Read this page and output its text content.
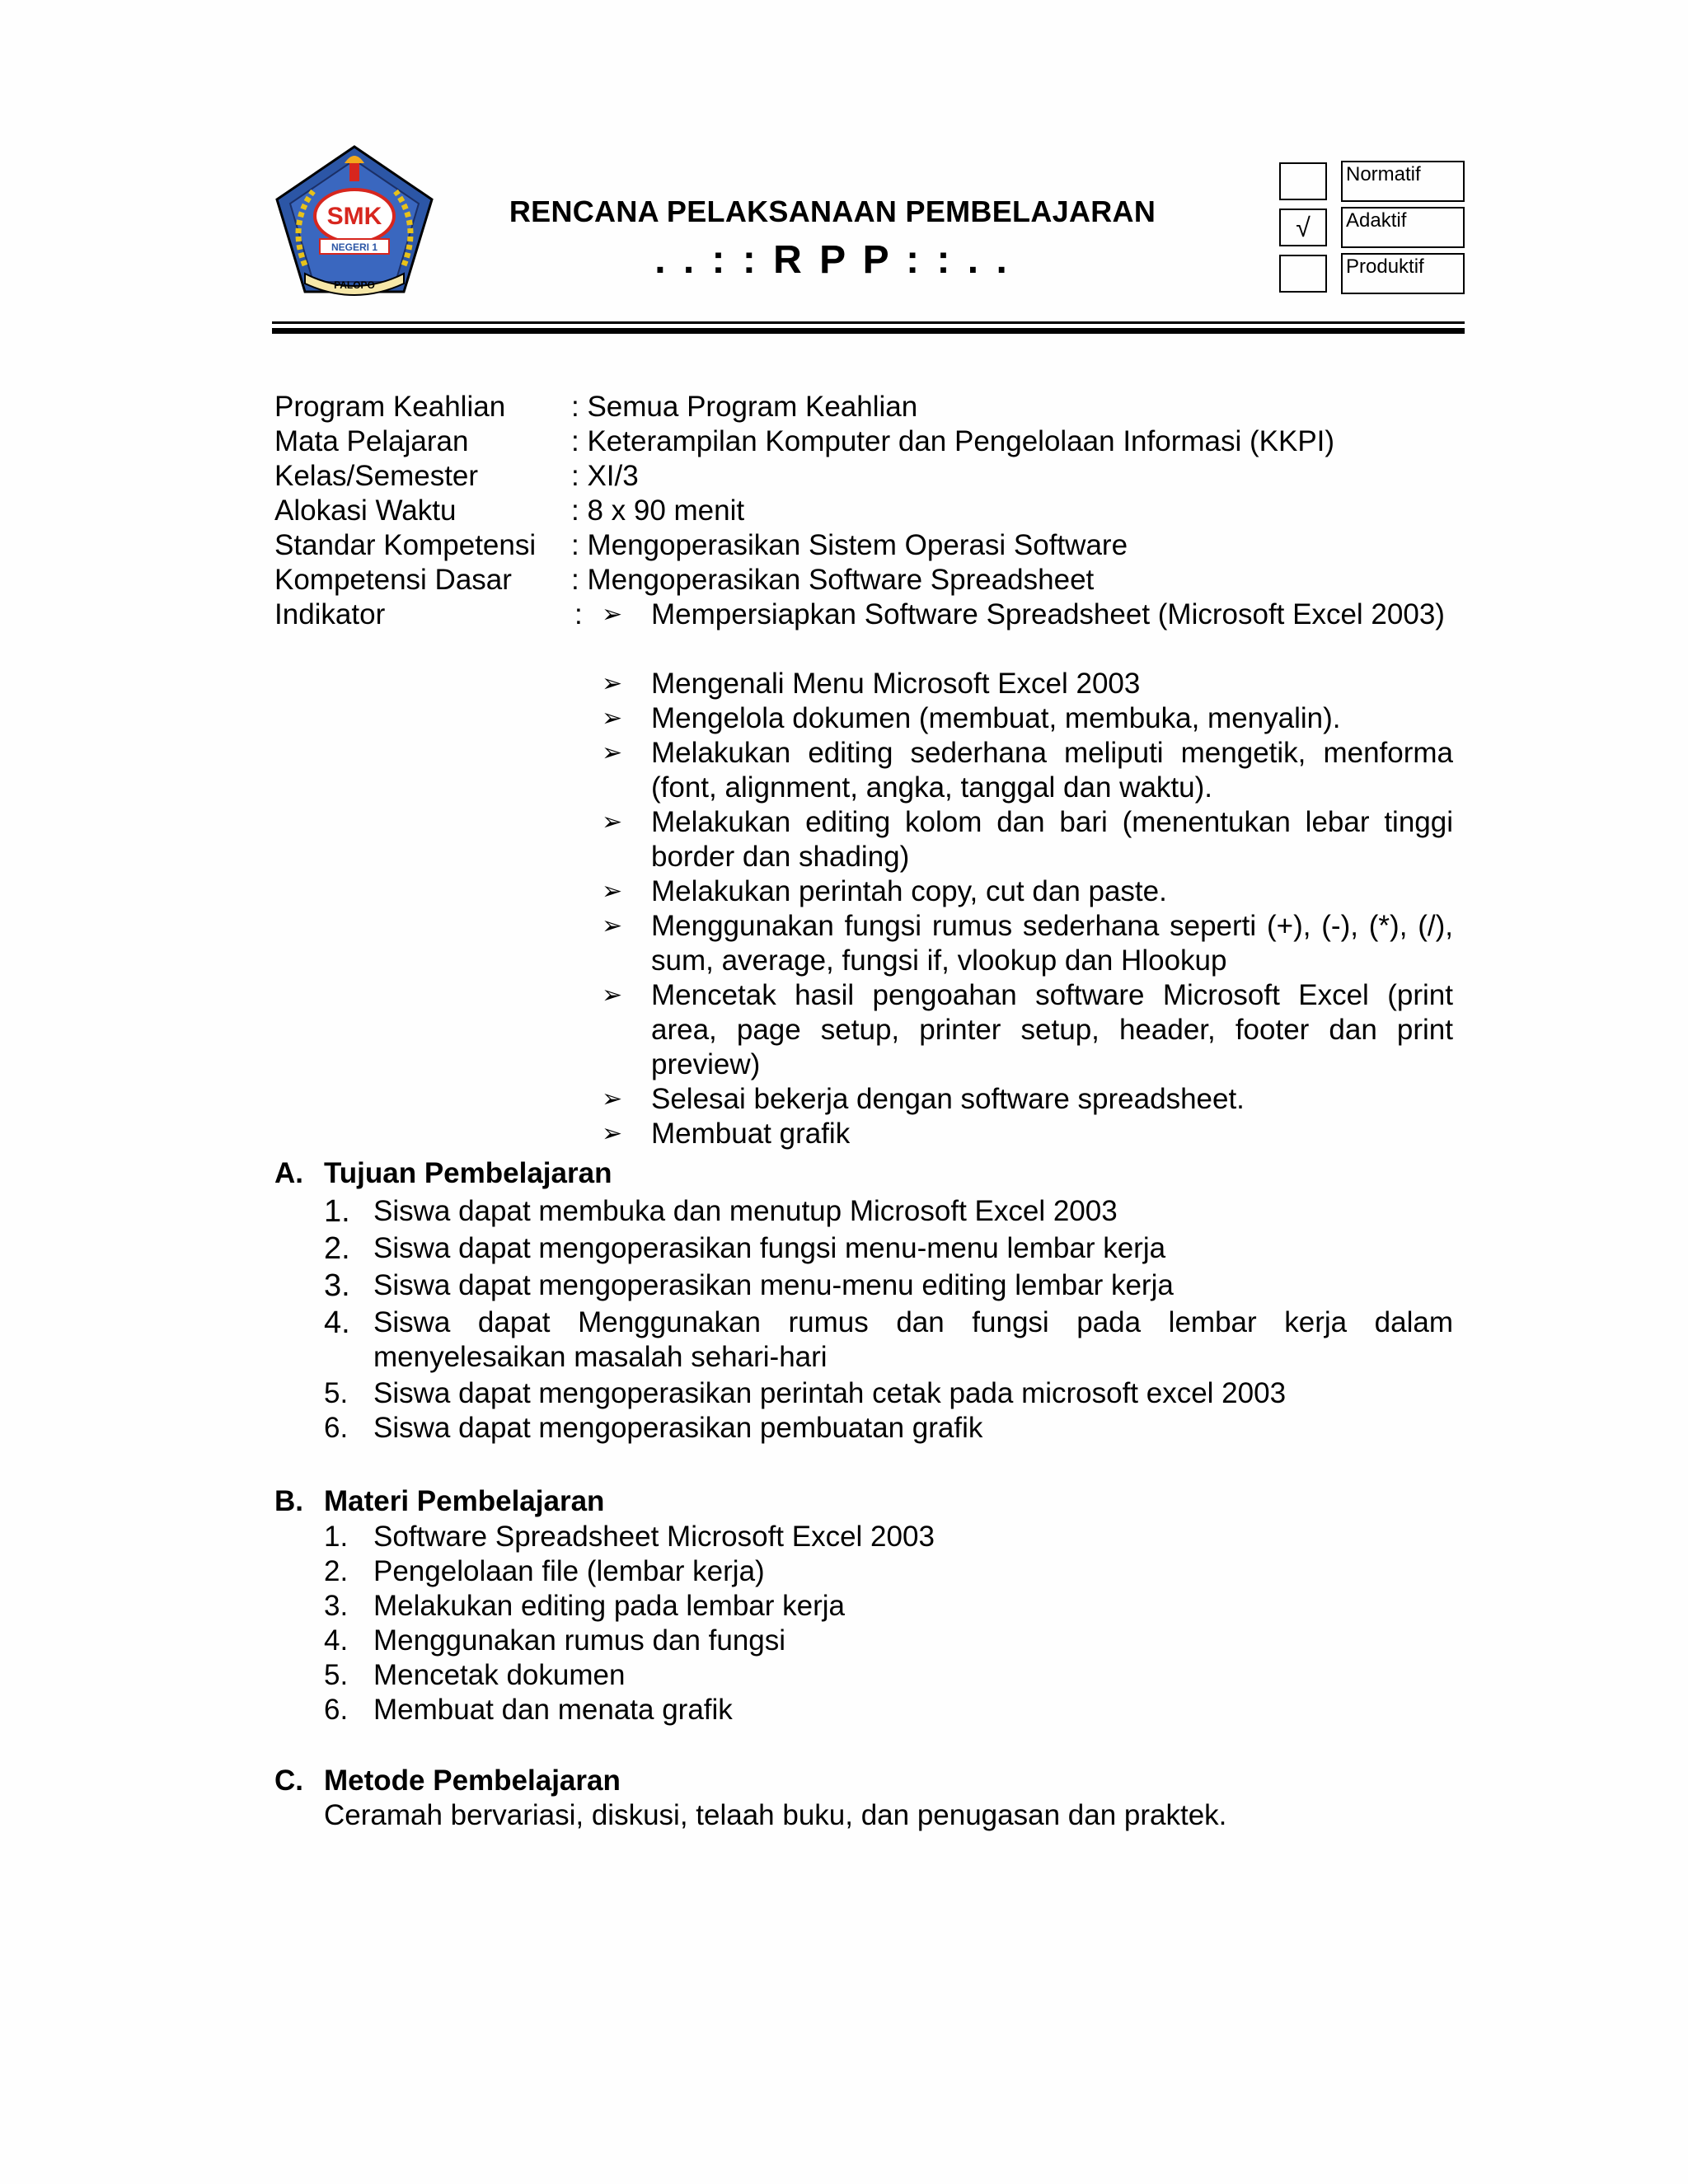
SMK
NEGERI 1
PALOPO
RENCANA PELAKSANAAN PEMBELAJARAN
. . : : R P P : : . .
Normatif
√	Adaktif
Produktif
Program Keahlian : Semua Program Keahlian
Mata Pelajaran	: Keterampilan Komputer dan Pengelolaan Informasi (KKPI)
Kelas/Semester	: XI/3
Alokasi Waktu	: 8 x 90 menit
Standar Kompetensi : Mengoperasikan Sistem Operasi Software
Kompetensi Dasar : Mengoperasikan Software Spreadsheet
Indikator	: ➢ Mempersiapkan Software Spreadsheet (Microsoft Excel 2003)
➢ Mengenali Menu Microsoft Excel 2003
➢ Mengelola dokumen (membuat, membuka, menyalin).
➢ Melakukan editing sederhana meliputi mengetik, menforma (font, alignment, angka, tanggal dan waktu).
➢ Melakukan editing kolom dan bari (menentukan lebar tinggi border dan shading)
➢ Melakukan perintah copy, cut dan paste.
➢ Menggunakan fungsi rumus sederhana seperti (+), (-), (*), (/), sum, average, fungsi if, vlookup dan Hlookup
➢ Mencetak hasil pengoahan software Microsoft Excel (print area, page setup, printer setup, header, footer dan print preview)
➢ Selesai bekerja dengan software spreadsheet.
➢ Membuat grafik
A. Tujuan Pembelajaran
1. Siswa dapat membuka dan menutup Microsoft Excel 2003
2. Siswa dapat mengoperasikan fungsi menu-menu lembar kerja
3. Siswa dapat mengoperasikan menu-menu editing lembar kerja
4. Siswa dapat Menggunakan rumus dan fungsi pada lembar kerja dalam menyelesaikan masalah sehari-hari
5. Siswa dapat mengoperasikan perintah cetak pada microsoft excel 2003
6. Siswa dapat mengoperasikan pembuatan grafik
B. Materi Pembelajaran
1. Software Spreadsheet Microsoft Excel 2003
2. Pengelolaan file (lembar kerja)
3. Melakukan editing pada lembar kerja
4. Menggunakan rumus dan fungsi
5. Mencetak dokumen
6. Membuat dan menata grafik
C. Metode Pembelajaran
Ceramah bervariasi, diskusi, telaah buku, dan penugasan dan praktek.
